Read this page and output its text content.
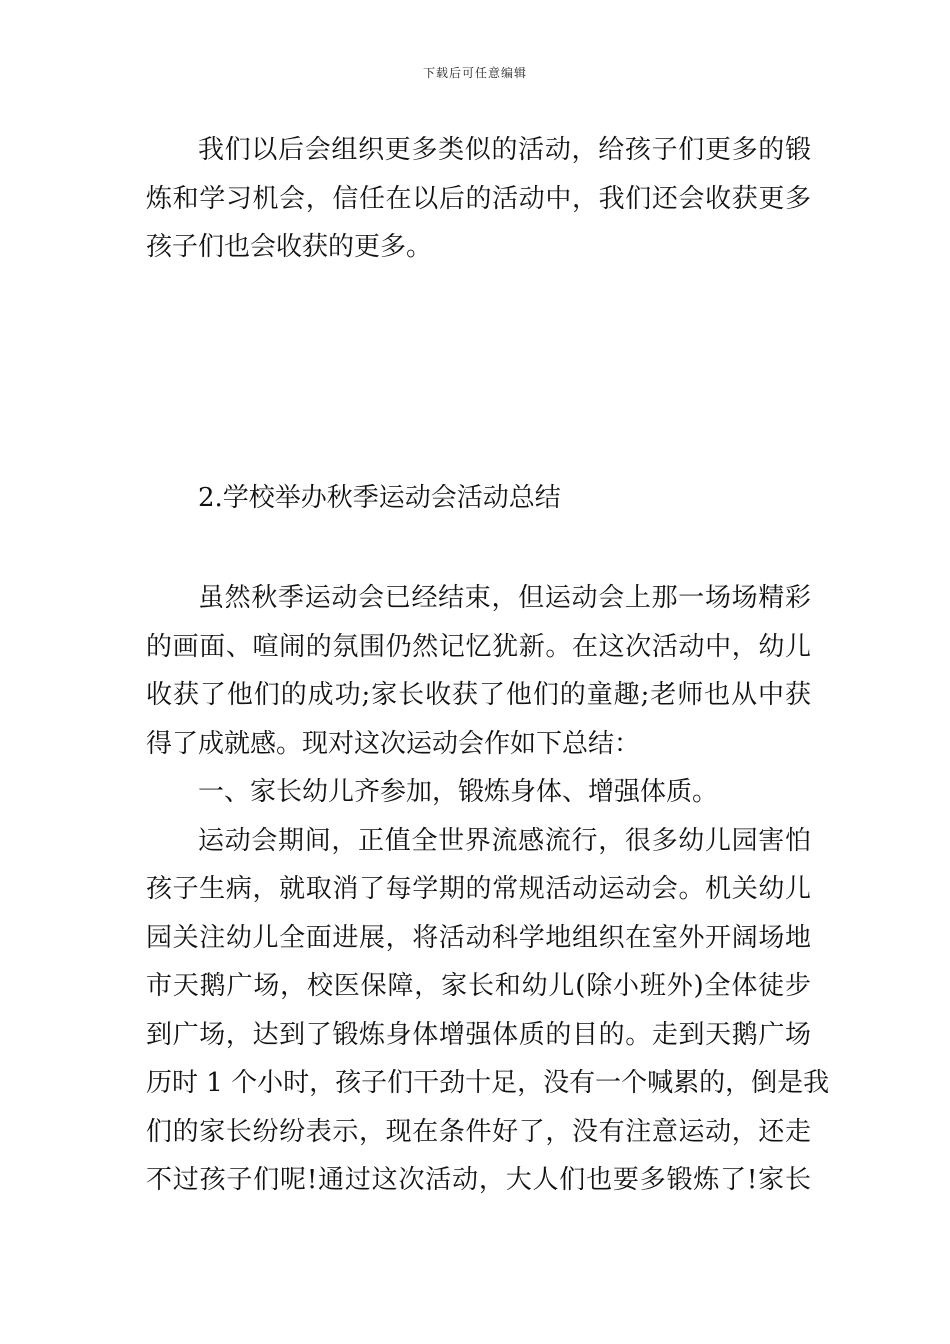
下载后可任意编辑
我们以后会组织更多类似的活动，给孩子们更多的锻
炼和学习机会，信任在以后的活动中，我们还会收获更多
孩子们也会收获的更多。
2.学校举办秋季运动会活动总结
虽然秋季运动会已经结束，但运动会上那一场场精彩
的画面、喧闹的氛围仍然记忆犹新。在这次活动中，幼儿
收获了他们的成功;家长收获了他们的童趣;老师也从中获
得了成就感。现对这次运动会作如下总结：
一、家长幼儿齐参加，锻炼身体、增强体质。
运动会期间，正值全世界流感流行，很多幼儿园害怕
孩子生病，就取消了每学期的常规活动运动会。机关幼儿
园关注幼儿全面进展，将活动科学地组织在室外开阔场地
市天鹅广场，校医保障，家长和幼儿(除小班外)全体徒步
到广场，达到了锻炼身体增强体质的目的。走到天鹅广场
历时 1 个小时，孩子们干劲十足，没有一个喊累的，倒是我
们的家长纷纷表示，现在条件好了，没有注意运动，还走
不过孩子们呢!通过这次活动，大人们也要多锻炼了!家长
